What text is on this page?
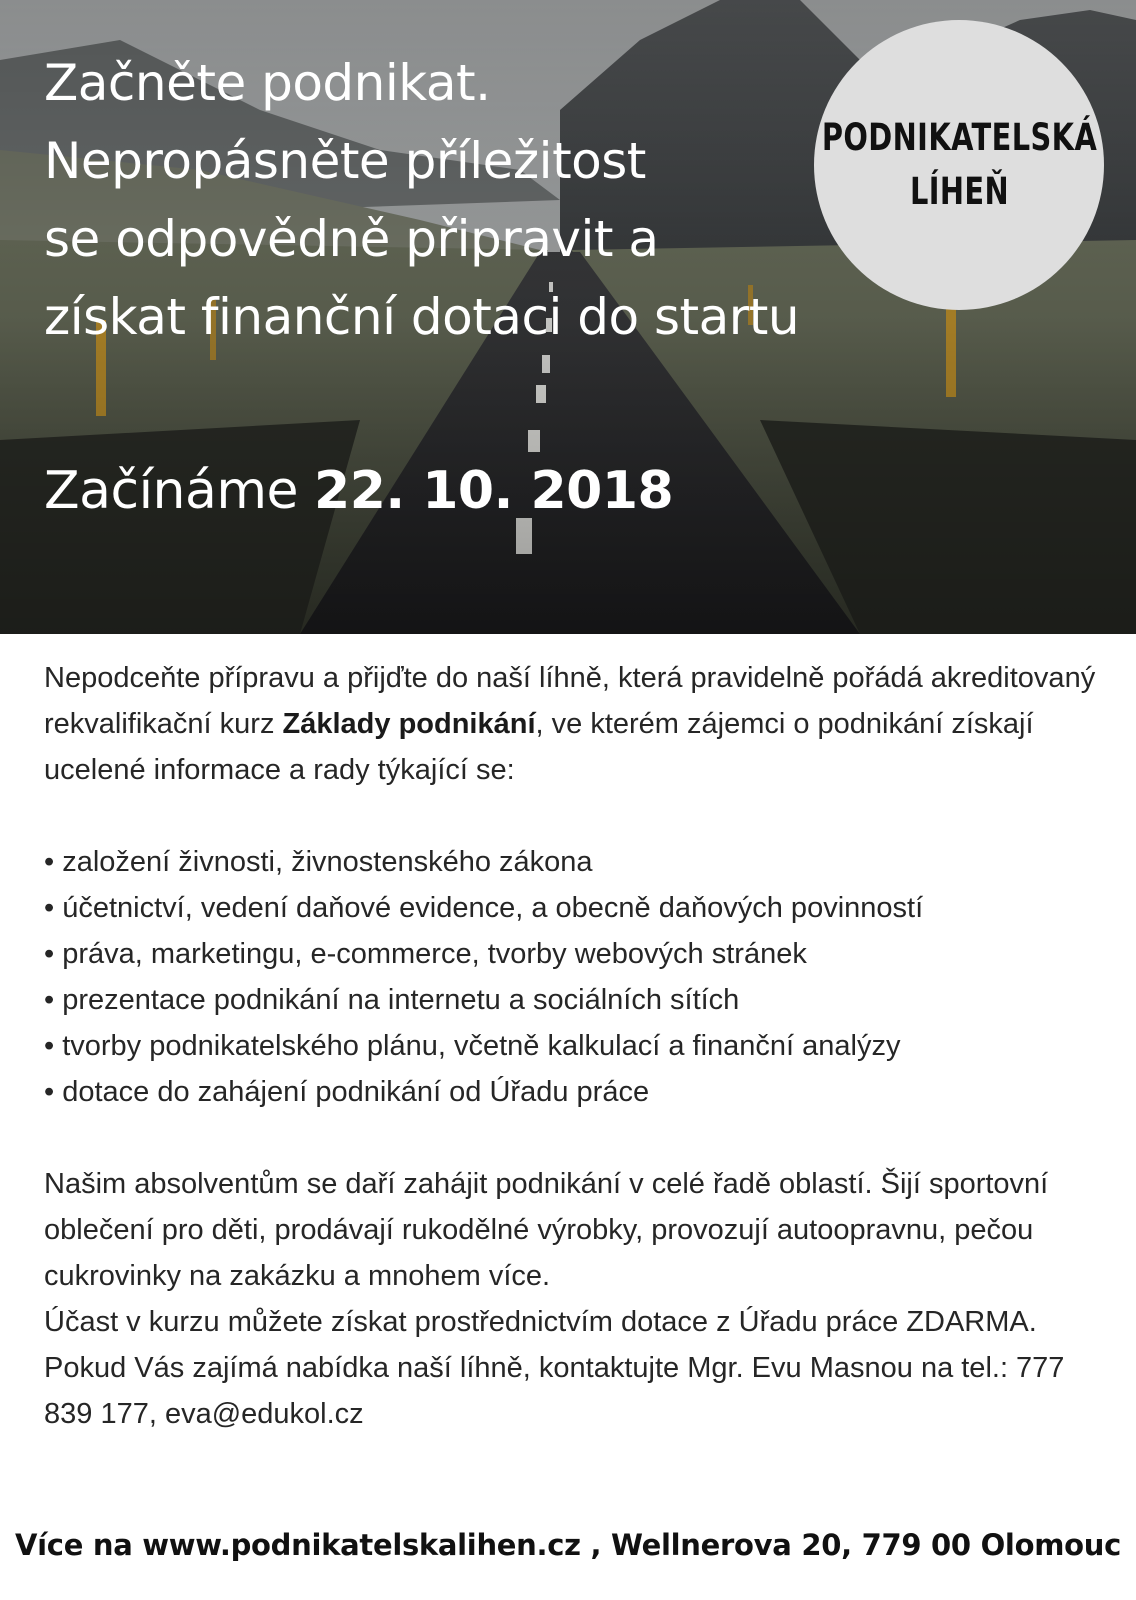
Začněte podnikat.
Nepropásněte příležitost
se odpovědně připravit a
získat finanční dotaci do startu

Začínáme 22. 10. 2018

PODNIKATELSKÁ
LÍHEŇ

Nepodceňte přípravu a přijďte do naší líhně, která pravidelně pořádá akreditovaný rekvalifikační kurz Základy podnikání, ve kterém zájemci o podnikání získají ucelené informace a rady týkající se:

• založení živnosti, živnostenského zákona
• účetnictví, vedení daňové evidence, a obecně daňových povinností
• práva, marketingu, e-commerce, tvorby webových stránek
• prezentace podnikání na internetu a sociálních sítích
• tvorby podnikatelského plánu, včetně kalkulací a finanční analýzy
• dotace do zahájení podnikání od Úřadu práce

Našim absolventům se daří zahájit podnikání v celé řadě oblastí. Šijí sportovní oblečení pro děti, prodávají rukodělné výrobky, provozují autoopravnu, pečou cukrovinky na zakázku a mnohem více.

Účast v kurzu můžete získat prostřednictvím dotace z Úřadu práce ZDARMA. Pokud Vás zajímá nabídka naší líhně, kontaktujte Mgr. Evu Masnou na tel.: 777 839 177, eva@edukol.cz

Více na www.podnikatelskalihen.cz , Wellnerova 20, 779 00 Olomouc
